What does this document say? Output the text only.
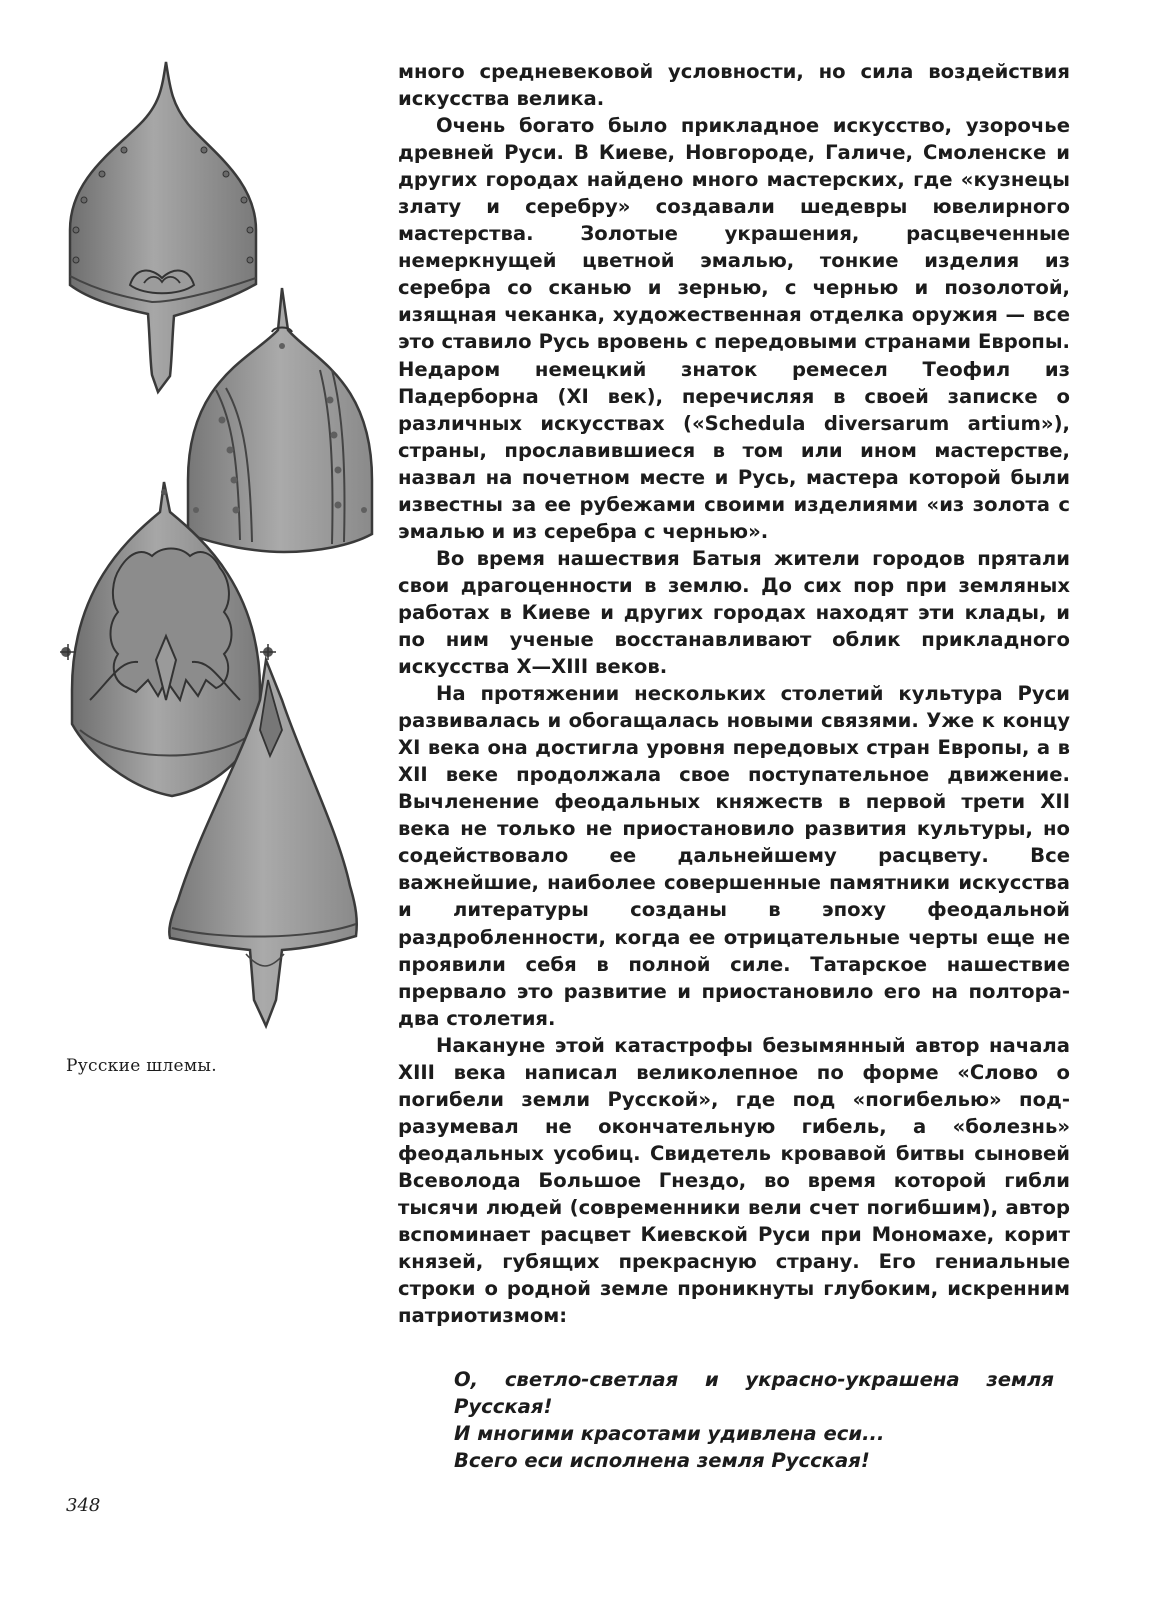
Русские шлемы.

много средневековой условности, но сила воздействия искусства велика.

Очень богато было прикладное искусство, узорочье древней Руси. В Киеве, Новгороде, Галиче, Смоленске и других городах найдено много мастерских, где «кузнецы злату и серебру» создавали шедевры ювелирного мастерства. Золотые украшения, расцвеченные немеркнущей цветной эмалью, тонкие изделия из серебра со сканью и зернью, с чернью и позолотой, изящная чеканка, художественная отделка оружия — все это ставило Русь вровень с передовыми странами Европы. Недаром немецкий знаток ремесел Теофил из Падерборна (XI век), перечисляя в своей записке о различных искусствах («Schedula diversarum artium»), страны, прославившиеся в том или ином мастерстве, назвал на почетном месте и Русь, мастера которой были известны за ее рубежами своими изделиями «из золота с эмалью и из серебра с чернью».

Во время нашествия Батыя жители городов прятали свои драгоценности в землю. До сих пор при земляных работах в Киеве и других городах находят эти клады, и по ним ученые восстанавливают облик прикладного искусства X—XIII веков.

На протяжении нескольких столетий культура Руси развивалась и обогащалась новыми связями. Уже к концу XI века она достигла уровня передовых стран Европы, а в XII веке продолжала свое поступательное движение. Вычленение феодальных княжеств в первой трети XII века не только не приостановило развития культуры, но содействовало ее дальнейшему расцвету. Все важнейшие, наиболее совершенные памятники искусства и литературы созданы в эпоху феодальной раздробленности, когда ее отрицательные черты еще не проявили себя в полной силе. Татарское нашествие прервало это развитие и приостановило его на полтора-два столетия.

Накануне этой катастрофы безымянный автор начала XIII века написал великолепное по форме «Слово о погибели земли Русской», где под «погибелью» подразумевал не окончательную гибель, а «болезнь» феодальных усобиц. Свидетель кровавой битвы сыновей Всеволода Большое Гнездо, во время которой гибли тысячи людей (современники вели счет погибшим), автор вспоминает расцвет Киевской Руси при Мономахе, корит князей, губящих прекрасную страну. Его гениальные строки о родной земле проникнуты глубоким, искренним патриотизмом:

О, светло-светлая и украсно-украшена земля
Русская!
И многими красотами удивлена еси...
Всего еси исполнена земля Русская!

348
